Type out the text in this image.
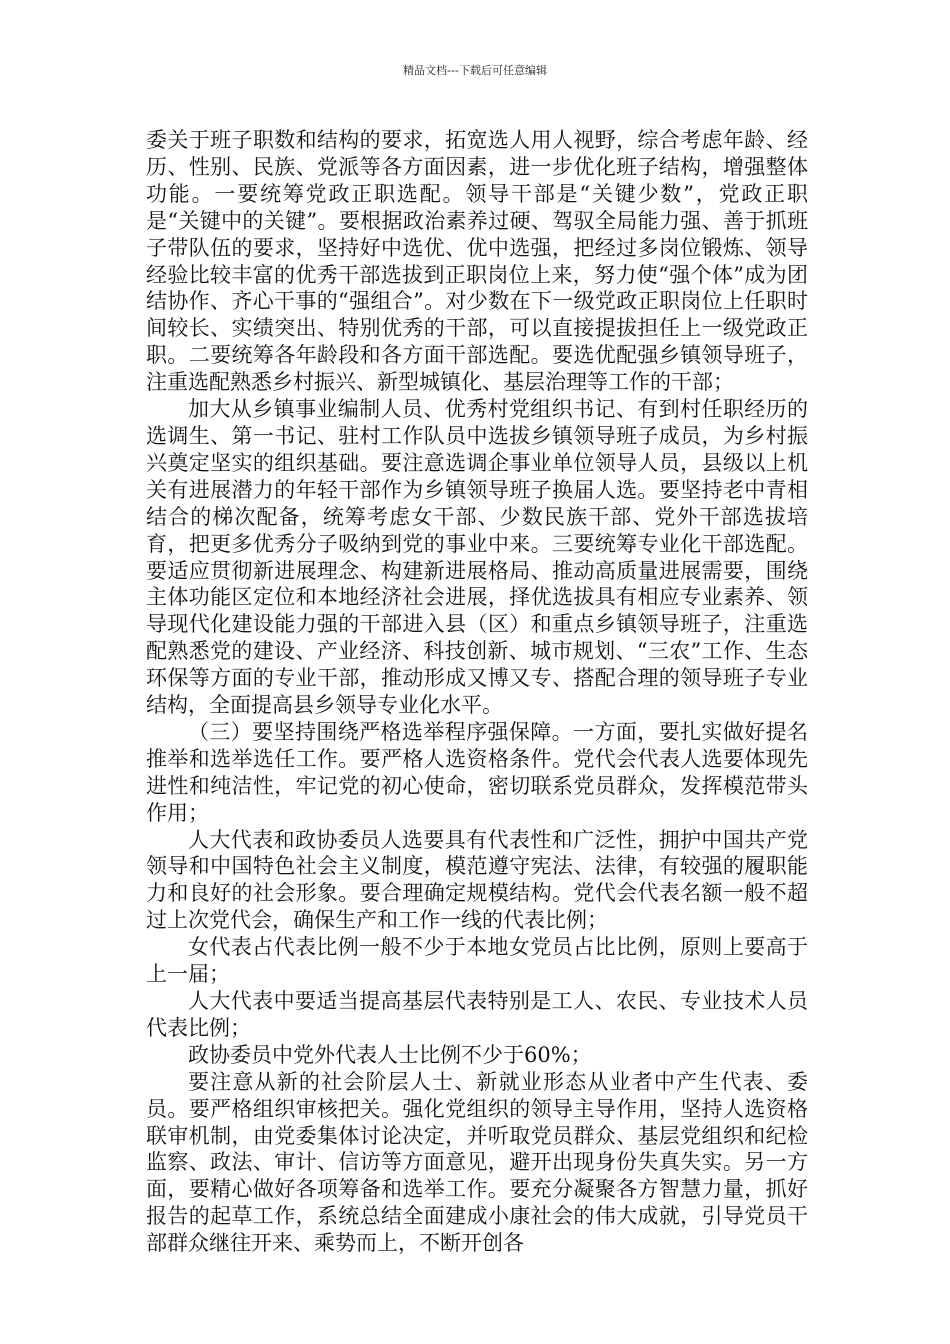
精品文档---下载后可任意编辑

委关于班子职数和结构的要求，拓宽选人用人视野，综合考虑年龄、经历、性别、民族、党派等各方面因素，进一步优化班子结构，增强整体功能。一要统筹党政正职选配。领导干部是“关键少数”，党政正职是“关键中的关键”。要根据政治素养过硬、驾驭全局能力强、善于抓班子带队伍的要求，坚持好中选优、优中选强，把经过多岗位锻炼、领导经验比较丰富的优秀干部选拔到正职岗位上来，努力使“强个体”成为团结协作、齐心干事的“强组合”。对少数在下一级党政正职岗位上任职时间较长、实绩突出、特别优秀的干部，可以直接提拔担任上一级党政正职。二要统筹各年龄段和各方面干部选配。要选优配强乡镇领导班子，注重选配熟悉乡村振兴、新型城镇化、基层治理等工作的干部；

加大从乡镇事业编制人员、优秀村党组织书记、有到村任职经历的选调生、第一书记、驻村工作队员中选拔乡镇领导班子成员，为乡村振兴奠定坚实的组织基础。要注意选调企事业单位领导人员，县级以上机关有进展潜力的年轻干部作为乡镇领导班子换届人选。要坚持老中青相结合的梯次配备，统筹考虑女干部、少数民族干部、党外干部选拔培育，把更多优秀分子吸纳到党的事业中来。三要统筹专业化干部选配。要适应贯彻新进展理念、构建新进展格局、推动高质量进展需要，围绕主体功能区定位和本地经济社会进展，择优选拔具有相应专业素养、领导现代化建设能力强的干部进入县（区）和重点乡镇领导班子，注重选配熟悉党的建设、产业经济、科技创新、城市规划、“三农”工作、生态环保等方面的专业干部，推动形成又博又专、搭配合理的领导班子专业结构，全面提高县乡领导专业化水平。

（三）要坚持围绕严格选举程序强保障。一方面，要扎实做好提名推举和选举选任工作。要严格人选资格条件。党代会代表人选要体现先进性和纯洁性，牢记党的初心使命，密切联系党员群众，发挥模范带头作用；

人大代表和政协委员人选要具有代表性和广泛性，拥护中国共产党领导和中国特色社会主义制度，模范遵守宪法、法律，有较强的履职能力和良好的社会形象。要合理确定规模结构。党代会代表名额一般不超过上次党代会，确保生产和工作一线的代表比例；

女代表占代表比例一般不少于本地女党员占比比例，原则上要高于上一届；

人大代表中要适当提高基层代表特别是工人、农民、专业技术人员代表比例；

政协委员中党外代表人士比例不少于60%；

要注意从新的社会阶层人士、新就业形态从业者中产生代表、委员。要严格组织审核把关。强化党组织的领导主导作用，坚持人选资格联审机制，由党委集体讨论决定，并听取党员群众、基层党组织和纪检监察、政法、审计、信访等方面意见，避开出现身份失真失实。另一方面，要精心做好各项筹备和选举工作。要充分凝聚各方智慧力量，抓好报告的起草工作，系统总结全面建成小康社会的伟大成就，引导党员干部群众继往开来、乘势而上，不断开创各
